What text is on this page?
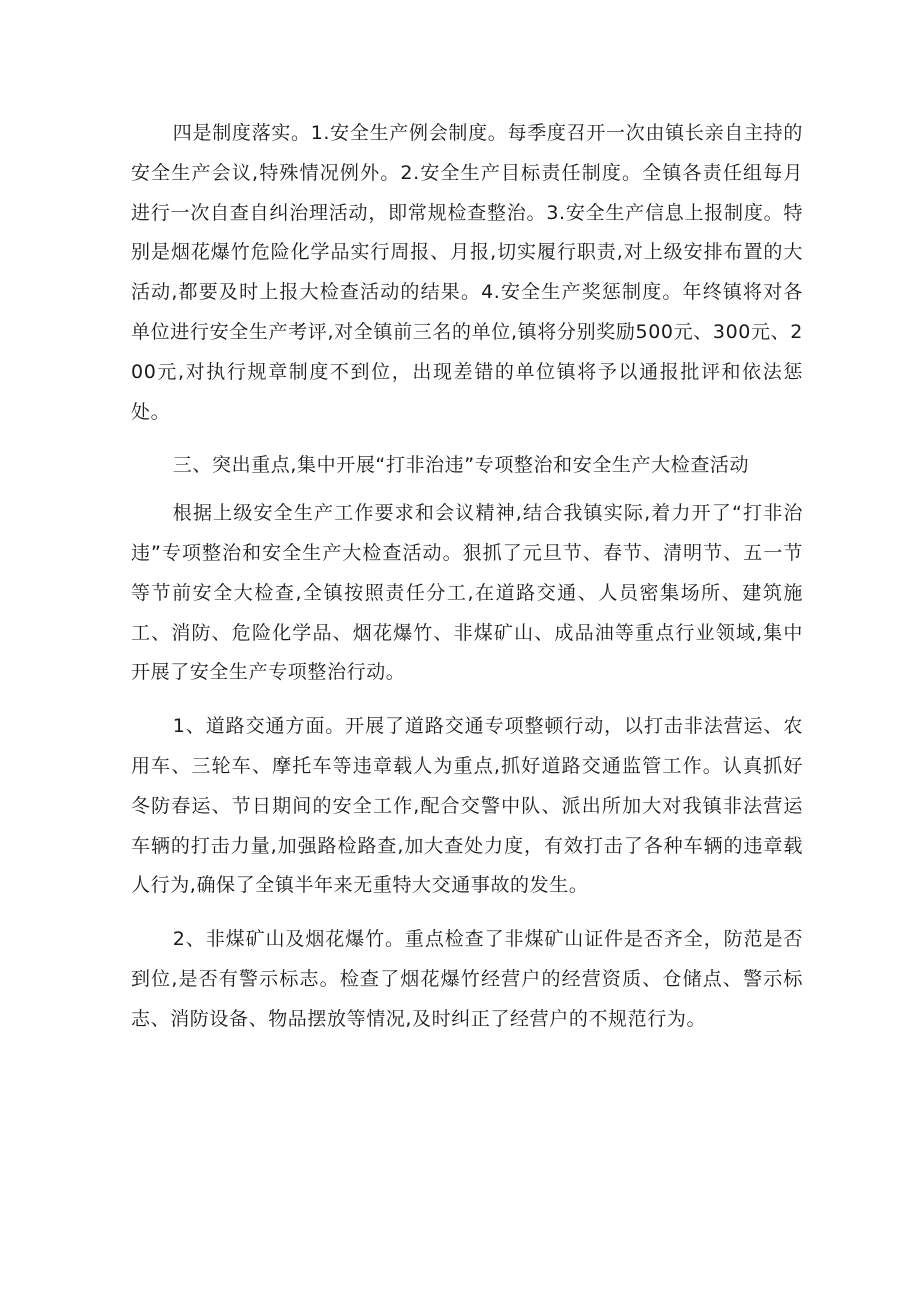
四是制度落实。1.安全生产例会制度。每季度召开一次由镇长亲自主持的安全生产会议,特殊情况例外。2.安全生产目标责任制度。全镇各责任组每月进行一次自查自纠治理活动，即常规检查整治。3.安全生产信息上报制度。特别是烟花爆竹危险化学品实行周报、月报,切实履行职责,对上级安排布置的大活动,都要及时上报大检查活动的结果。4.安全生产奖惩制度。年终镇将对各单位进行安全生产考评,对全镇前三名的单位,镇将分别奖励500元、300元、200元,对执行规章制度不到位，出现差错的单位镇将予以通报批评和依法惩处。

三、突出重点,集中开展“打非治违”专项整治和安全生产大检查活动

根据上级安全生产工作要求和会议精神,结合我镇实际,着力开了“打非治违”专项整治和安全生产大检查活动。狠抓了元旦节、春节、清明节、五一节等节前安全大检查,全镇按照责任分工,在道路交通、人员密集场所、建筑施工、消防、危险化学品、烟花爆竹、非煤矿山、成品油等重点行业领域,集中开展了安全生产专项整治行动。

1、道路交通方面。开展了道路交通专项整顿行动，以打击非法营运、农用车、三轮车、摩托车等违章载人为重点,抓好道路交通监管工作。认真抓好冬防春运、节日期间的安全工作,配合交警中队、派出所加大对我镇非法营运车辆的打击力量,加强路检路查,加大查处力度，有效打击了各种车辆的违章载人行为,确保了全镇半年来无重特大交通事故的发生。

2、非煤矿山及烟花爆竹。重点检查了非煤矿山证件是否齐全，防范是否到位,是否有警示标志。检查了烟花爆竹经营户的经营资质、仓储点、警示标志、消防设备、物品摆放等情况,及时纠正了经营户的不规范行为。
